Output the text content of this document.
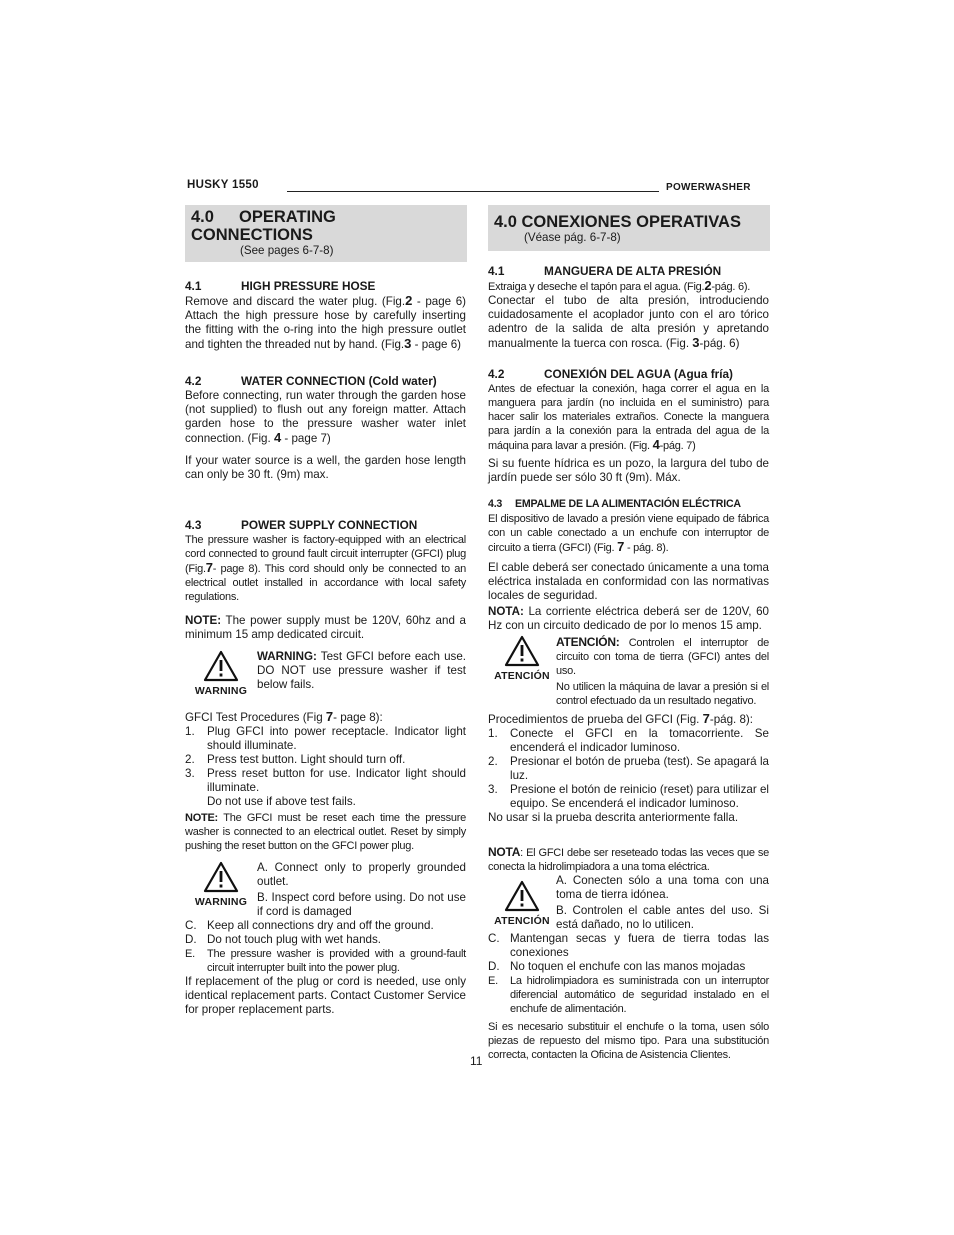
HUSKY 1550	POWERWASHER
4.0 OPERATING CONNECTIONS
(See pages 6-7-8)
4.1	HIGH PRESSURE HOSE

Remove and discard the water plug. (Fig.2 - page 6) Attach the high pressure hose by carefully inserting the fitting with the o-ring into the high pressure outlet and tighten the threaded nut by hand. (Fig.3 - page 6)

4.2	WATER CONNECTION (Cold water)

Before connecting, run water through the garden hose (not supplied) to flush out any foreign matter. Attach garden hose to the pressure washer water inlet connection. (Fig. 4 - page 7)

If your water source is a well, the garden hose length can only be 30 ft. (9m) max.

4.3	POWER SUPPLY CONNECTION

The pressure washer is factory-equipped with an electrical cord connected to ground fault circuit interrupter (GFCI) plug (Fig.7- page 8). This cord should only be connected to an electrical outlet installed in accordance with local safety regulations.

NOTE: The power supply must be 120V, 60hz and a minimum 15 amp dedicated circuit.

WARNING
WARNING: Test GFCI before each use. DO NOT use pressure washer if test below fails.

GFCI Test Procedures (Fig 7- page 8):

1.	Plug GFCI into power receptacle. Indicator light should illuminate.
2.	Press test button. Light should turn off.
3.	Press reset button for use. Indicator light should illuminate.
Do not use if above test fails.

NOTE: The GFCI must be reset each time the pressure washer is connected to an electrical outlet. Reset by simply pushing the reset button on the GFCI power plug.

WARNING
A. Connect only to properly grounded outlet.
B. Inspect cord before using. Do not use if cord is damaged
C. Keep all connections dry and off the ground.
D. Do not touch plug with wet hands.
E.	The pressure washer is provided with a ground-fault circuit interrupter built into the power plug.

If replacement of the plug or cord is needed, use only identical replacement parts. Contact Customer Service for proper replacement parts.

4.0 CONEXIONES OPERATIVAS
(Véase pág. 6-7-8)
4.1	MANGUERA DE ALTA PRESIÓN

Extraiga y deseche el tapón para el agua. (Fig.2-pág. 6).

Conectar el tubo de alta presión, introduciendo cuidadosamente el acoplador junto con el aro tórico adentro de la salida de alta presión y apretando manualmente la tuerca con rosca. (Fig. 3-pág. 6)

4.2	CONEXIÓN DEL AGUA (Agua fría)

Antes de efectuar la conexión, haga correr el agua en la manguera para jardín (no incluida en el suministro) para hacer salir los materiales extraños. Conecte la manguera para jardín a la conexión para la entrada del agua de la máquina para lavar a presión. (Fig. 4-pág. 7)

Si su fuente hídrica es un pozo, la largura del tubo de jardín puede ser sólo 30 ft (9m). Máx.

4.3 EMPALME DE LA ALIMENTACIÓN ELÉCTRICA

El dispositivo de lavado a presión viene equipado de fábrica con un cable conectado a un enchufe con interruptor de circuito a tierra (GFCI) (Fig. 7 - pág. 8).

El cable deberá ser conectado únicamente a una toma eléctrica instalada en conformidad con las normativas locales de seguridad.

NOTA: La corriente eléctrica deberá ser de 120V, 60 Hz con un circuito dedicado de por lo menos 15 amp.

ATENCIÓN
ATENCIÓN: Controlen el interruptor de circuito con toma de tierra (GFCI) antes del uso.
No utilicen la máquina de lavar a presión si el control efectuado da un resultado negativo.

Procedimientos de prueba del GFCI (Fig. 7-pág. 8):

1.	Conecte el GFCI en la tomacorriente. Se encenderá el indicador luminoso.
2.	Presionar el botón de prueba (test). Se apagará la luz.
3.	Presione el botón de reinicio (reset) para utilizar el equipo. Se encenderá el indicador luminoso.

No usar si la prueba descrita anteriormente falla.

NOTA: El GFCI debe ser reseteado todas las veces que se conecta la hidrolimpiadora a una toma eléctrica.

ATENCIÓN
A. Conecten sólo a una toma con una toma de tierra idónea.
B. Controlen el cable antes del uso. Si está dañado, no lo utilicen.
C. Mantengan secas y fuera de tierra todas las conexiones
D. No toquen el enchufe con las manos mojadas
E.	La hidrolimpiadora es suministrada con un interruptor diferencial automático de seguridad instalado en el enchufe de alimentación.

Si es necesario substituir el enchufe o la toma, usen sólo piezas de repuesto del mismo tipo. Para una substitución correcta, contacten la Oficina de Asistencia Clientes.

11
